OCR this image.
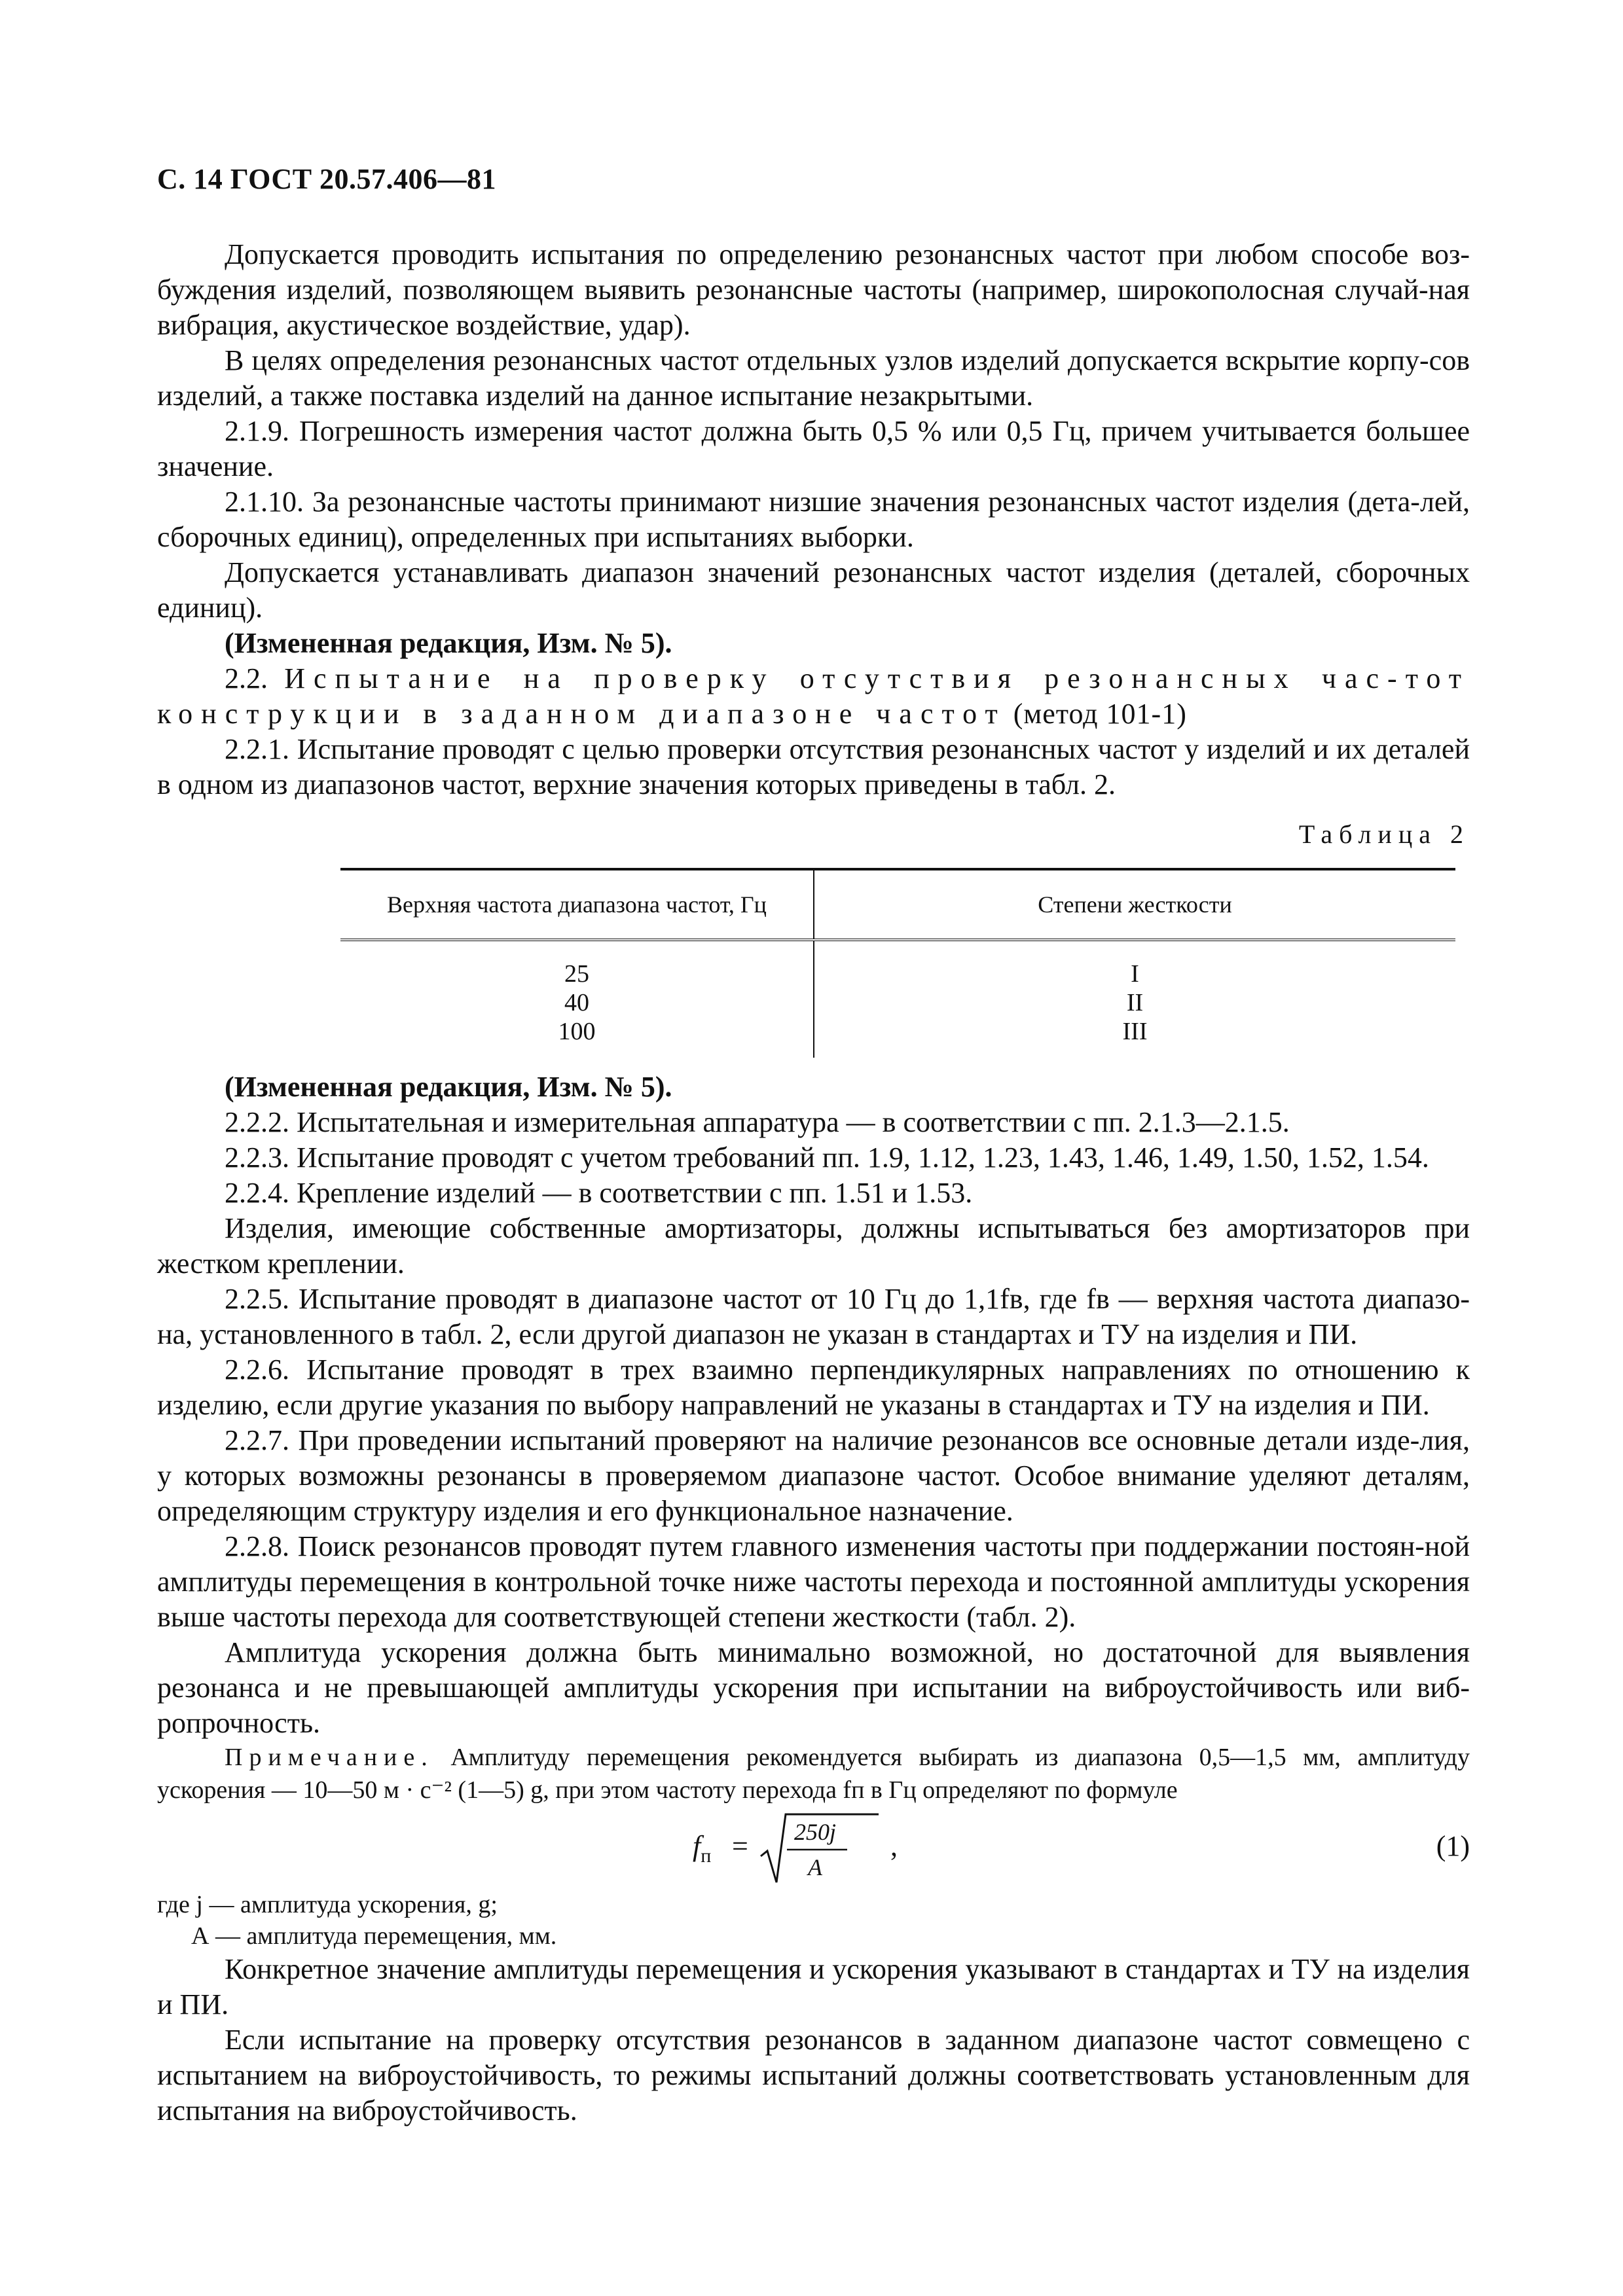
С. 14 ГОСТ 20.57.406—81

Допускается проводить испытания по определению резонансных частот при любом способе воз-буждения изделий, позволяющем выявить резонансные частоты (например, широкополосная случай-ная вибрация, акустическое воздействие, удар).

В целях определения резонансных частот отдельных узлов изделий допускается вскрытие корпу-сов изделий, а также поставка изделий на данное испытание незакрытыми.

2.1.9. Погрешность измерения частот должна быть 0,5 % или 0,5 Гц, причем учитывается большее значение.

2.1.10. За резонансные частоты принимают низшие значения резонансных частот изделия (дета-лей, сборочных единиц), определенных при испытаниях выборки.

Допускается устанавливать диапазон значений резонансных частот изделия (деталей, сборочных единиц).

(Измененная редакция, Изм. № 5).

2.2. Испытание на проверку отсутствия резонансных час-тот конструкции в заданном диапазоне частот (метод 101-1)

2.2.1. Испытание проводят с целью проверки отсутствия резонансных частот у изделий и их деталей в одном из диапазонов частот, верхние значения которых приведены в табл. 2.

Таблица 2
Верхняя частота диапазона частот, Гц	Степени жесткости
25	I
40	II
100	III

(Измененная редакция, Изм. № 5).

2.2.2. Испытательная и измерительная аппаратура — в соответствии с пп. 2.1.3—2.1.5.

2.2.3. Испытание проводят с учетом требований пп. 1.9, 1.12, 1.23, 1.43, 1.46, 1.49, 1.50, 1.52, 1.54.

2.2.4. Крепление изделий — в соответствии с пп. 1.51 и 1.53.

Изделия, имеющие собственные амортизаторы, должны испытываться без амортизаторов при жестком креплении.

2.2.5. Испытание проводят в диапазоне частот от 10 Гц до 1,1fв, где fв — верхняя частота диапазо-на, установленного в табл. 2, если другой диапазон не указан в стандартах и ТУ на изделия и ПИ.

2.2.6. Испытание проводят в трех взаимно перпендикулярных направлениях по отношению к изделию, если другие указания по выбору направлений не указаны в стандартах и ТУ на изделия и ПИ.

2.2.7. При проведении испытаний проверяют на наличие резонансов все основные детали изде-лия, у которых возможны резонансы в проверяемом диапазоне частот. Особое внимание уделяют деталям, определяющим структуру изделия и его функциональное назначение.

2.2.8. Поиск резонансов проводят путем главного изменения частоты при поддержании постоян-ной амплитуды перемещения в контрольной точке ниже частоты перехода и постоянной амплитуды ускорения выше частоты перехода для соответствующей степени жесткости (табл. 2).

Амплитуда ускорения должна быть минимально возможной, но достаточной для выявления резонанса и не превышающей амплитуды ускорения при испытании на виброустойчивость или виб-ропрочность.

Примечание. Амплитуду перемещения рекомендуется выбирать из диапазона 0,5—1,5 мм, амплитуду ускорения — 10—50 м · с⁻² (1—5) g, при этом частоту перехода fп в Гц определяют по формуле
$f_п$ =	250j
A
,	(1)
где j — амплитуда ускорения, g;
А — амплитуда перемещения, мм.

Конкретное значение амплитуды перемещения и ускорения указывают в стандартах и ТУ на изделия и ПИ.

Если испытание на проверку отсутствия резонансов в заданном диапазоне частот совмещено с испытанием на виброустойчивость, то режимы испытаний должны соответствовать установленным для испытания на виброустойчивость.
